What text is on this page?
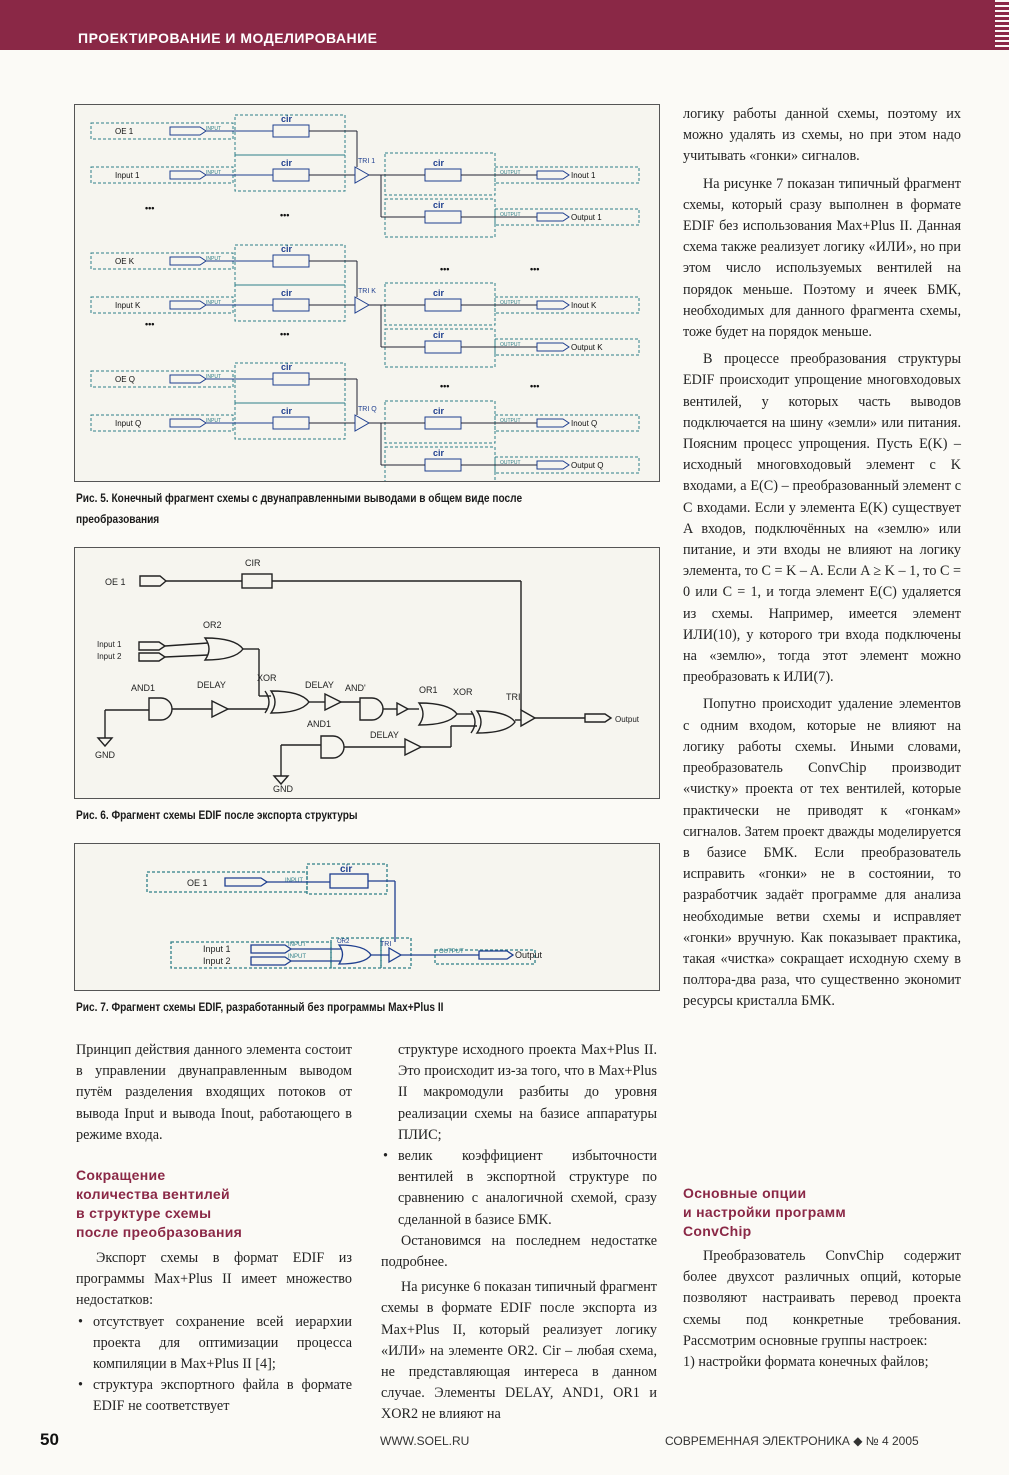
ПРОЕКТИРОВАНИЕ И МОДЕЛИРОВАНИЕ
OE 1
Input 1
INPUT
INPUT
cir
cir	cir
cir
TRI 1
OUTPUT
OUTPUT
Inout 1
Output 1
OE K
Input K
INPUT
INPUT
cir
cir	cir
cir
TRI K
OUTPUT
OUTPUT
Inout K
Output K
OE Q
Input Q
INPUT
INPUT
cir
cir	cir
cir
TRI Q
OUTPUT
OUTPUT
Inout Q
Output Q
•••
•••
•••
•••
•••	•••
•••	•••
Рис. 5. Конечный фрагмент схемы с двунаправленными выводами в общем виде после
преобразования
OE 1
CIR
OR2
Input 1
Input 2
AND1
GND
DELAY
XOR
DELAY AND'	OR1 XOR	TRI
Output
AND1
GND
DELAY
Рис. 6. Фрагмент схемы EDIF после экспорта структуры
cir
OE 1	INPUT
Input 1
Input 2
INPUT
INPUT
OR2	TRI
OUTPUT	Output
Рис. 7. Фрагмент схемы EDIF, разработанный без программы Max+Plus II

Принцип действия данного элемента состоит в управлении двунаправленным выводом путём разделения входящих потоков от вывода Input и вывода Inout, работающего в режиме входа.

Сокращение
количества вентилей
в структуре схемы
после преобразования

Экспорт схемы в формат EDIF из программы Max+Plus II имеет множество недостатков:

• отсутствует сохранение всей иерархии проекта для оптимизации процесса компиляции в Max+Plus II [4];
• структура экспортного файла в формате EDIF не соответствует

структуре исходного проекта Max+Plus II. Это происходит из-за того, что в Max+Plus II макромодули разбиты до уровня реализации схемы на базисе аппаратуры ПЛИС;

• велик коэффициент избыточности вентилей в экспортной структуре по сравнению с аналогичной схемой, сразу сделанной в базисе БМК.

Остановимся на последнем недостатке подробнее.

На рисунке 6 показан типичный фрагмент схемы в формате EDIF после экспорта из Max+Plus II, который реализует логику «ИЛИ» на элементе OR2. Cir – любая схема, не представляющая интереса в данном случае. Элементы DELAY, AND1, OR1 и XOR2 не влияют на

логику работы данной схемы, поэтому их можно удалять из схемы, но при этом надо учитывать «гонки» сигналов.

На рисунке 7 показан типичный фрагмент схемы, который сразу выполнен в формате EDIF без использования Max+Plus II. Данная схема также реализует логику «ИЛИ», но при этом число используемых вентилей на порядок меньше. Поэтому и ячеек БМК, необходимых для данного фрагмента схемы, тоже будет на порядок меньше.

В процессе преобразования структуры EDIF происходит упрощение многовходовых вентилей, у которых часть выводов подключается на шину «земли» или питания. Поясним процесс упрощения. Пусть E(K) – исходный многовходовый элемент с K входами, а E(C) – преобразованный элемент с C входами. Если у элемента E(K) существует A входов, подключённых на «землю» или питание, и эти входы не влияют на логику элемента, то C = K – A. Если A ≥ K – 1, то C = 0 или C = 1, и тогда элемент E(C) удаляется из схемы. Например, имеется элемент ИЛИ(10), у которого три входа подключены на «землю», тогда этот элемент можно преобразовать к ИЛИ(7).

Попутно происходит удаление элементов с одним входом, которые не влияют на логику работы схемы. Иными словами, преобразователь ConvChip производит «чистку» проекта от тех вентилей, которые практически не приводят к «гонкам» сигналов. Затем проект дважды моделируется в базисе БМК. Если преобразователь исправить «гонки» не в состоянии, то разработчик задаёт программе для анализа необходимые ветви схемы и исправляет «гонки» вручную. Как показывает практика, такая «чистка» сокращает исходную схему в полтора-два раза, что существенно экономит ресурсы кристалла БМК.

Основные опции
и настройки программ
ConvChip

Преобразователь ConvChip содержит более двухсот различных опций, которые позволяют настраивать перевод проекта схемы под конкретные требования. Рассмотрим основные группы настроек:

1) настройки формата конечных файлов;

50	WWW.SOEL.RU	СОВРЕМЕННАЯ ЭЛЕКТРОНИКА ◆ № 4 2005
